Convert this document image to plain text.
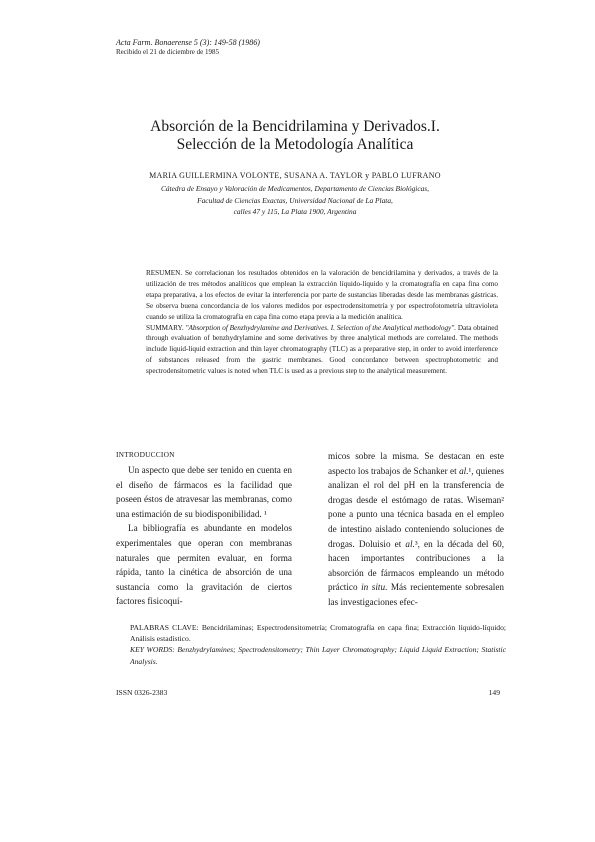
Acta Farm. Bonaerense 5 (3): 149-58 (1986)
Recibido el 21 de diciembre de 1985
Absorción de la Bencidrilamina y Derivados.I.
Selección de la Metodología Analítica
MARIA GUILLERMINA VOLONTE, SUSANA A. TAYLOR y PABLO LUFRANO
Cátedra de Ensayo y Valoración de Medicamentos, Departamento de Ciencias Biológicas,
Facultad de Ciencias Exactas, Universidad Nacional de La Plata,
calles 47 y 115, La Plata 1900, Argentina

RESUMEN. Se correlacionan los resultados obtenidos en la valoración de bencidrilamina y derivados, a través de la utilización de tres métodos analíticos que emplean la extracción líquido-líquido y la cromatografía en capa fina como etapa preparativa, a los efectos de evitar la interferencia por parte de sustancias liberadas desde las membranas gástricas. Se observa buena concordancia de los valores medidos por espectrodensitometría y por espectrofotometría ultravioleta cuando se utiliza la cromatografía en capa fina como etapa previa a la medición analítica.

SUMMARY. "Absorption of Benzhydrylamine and Derivatives. I. Selection of the Analytical methodology". Data obtained through evaluation of benzhydrylamine and some derivatives by three analytical methods are correlated. The methods include liquid-liquid extraction and thin layer chromatography (TLC) as a preparative step, in order to avoid interference of substances released from the gastric membranes. Good concordance between spectrophotometric and spectrodensitometric values is noted when TLC is used as a previous step to the analytical measurement.

INTRODUCCION

Un aspecto que debe ser tenido en cuenta en el diseño de fármacos es la facilidad que poseen éstos de atravesar las membranas, como una estimación de su biodisponibilidad. ¹

La bibliografía es abundante en modelos experimentales que operan con membranas naturales que permiten evaluar, en forma rápida, tanto la cinética de absorción de una sustancia como la gravitación de ciertos factores fisicoquí-

micos sobre la misma. Se destacan en este aspecto los trabajos de Schanker et al.¹, quienes analizan el rol del pH en la transferencia de drogas desde el estómago de ratas. Wiseman² pone a punto una técnica basada en el empleo de intestino aislado conteniendo soluciones de drogas. Doluisio et al.³, en la década del 60, hacen importantes contribuciones a la absorción de fármacos empleando un método práctico in situ. Más recientemente sobresalen las investigaciones efec-

PALABRAS CLAVE: Bencidrilaminas; Espectrodensitometría; Cromatografía en capa fina; Extracción líquido-líquido; Análisis estadístico.

KEY WORDS: Benzhydrylamines; Spectrodensitometry; Thin Layer Chromatography; Liquid Liquid Extraction; Statistic Analysis.

ISSN 0326-2383	149
